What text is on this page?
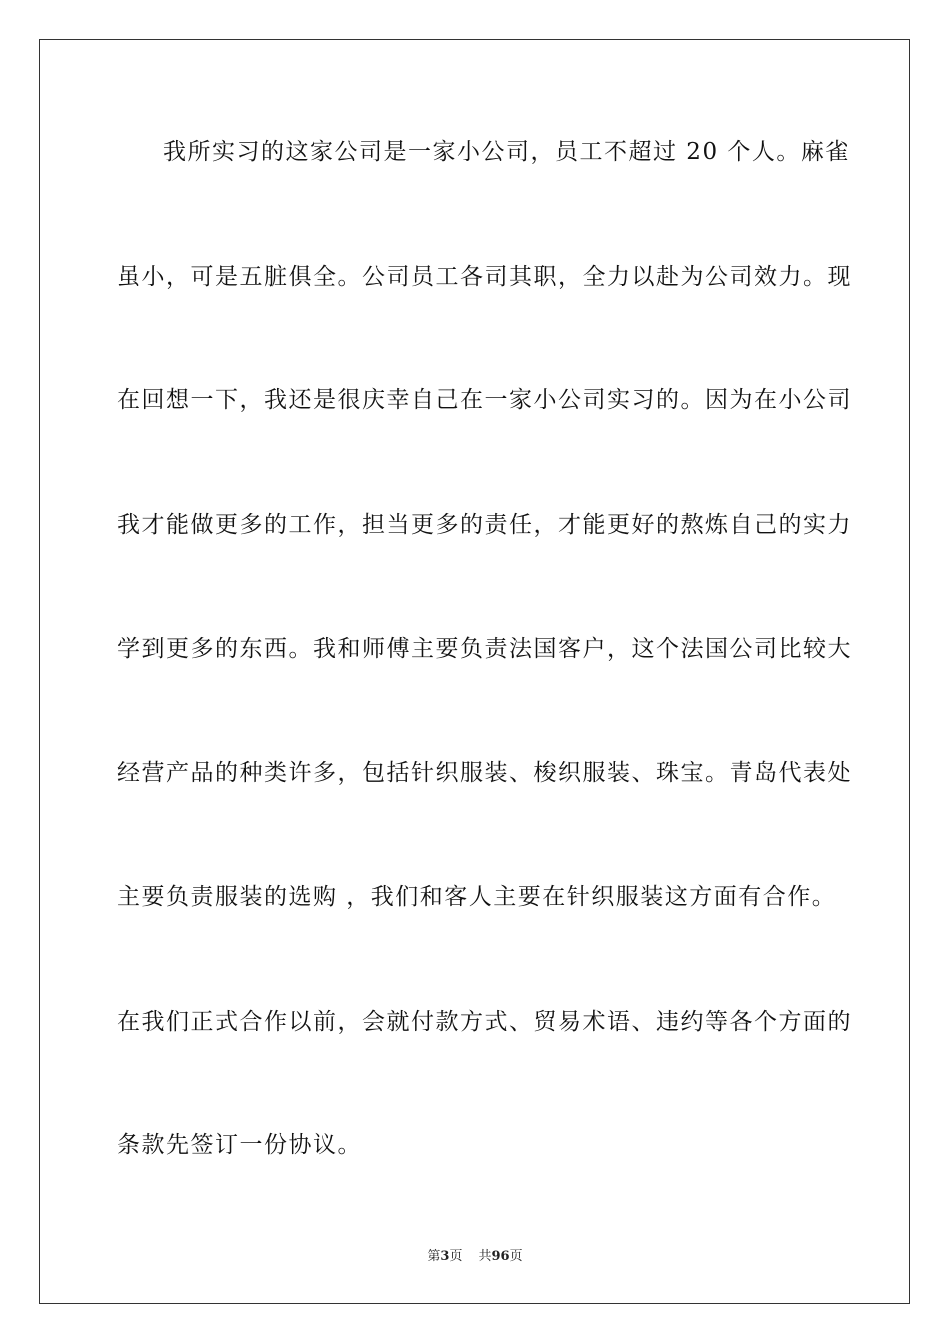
我所实习的这家公司是一家小公司，员工不超过 20 个人。麻雀

虽小，可是五脏俱全。公司员工各司其职，全力以赴为公司效力。现

在回想一下，我还是很庆幸自己在一家小公司实习的。因为在小公司

我才能做更多的工作，担当更多的责任，才能更好的熬炼自己的实力

学到更多的东西。我和师傅主要负责法国客户，这个法国公司比较大

经营产品的种类许多，包括针织服装、梭织服装、珠宝。青岛代表处

主要负责服装的选购 ，我们和客人主要在针织服装这方面有合作。

在我们正式合作以前，会就付款方式、贸易术语、违约等各个方面的

条款先签订一份协议。

第3页 共96页
